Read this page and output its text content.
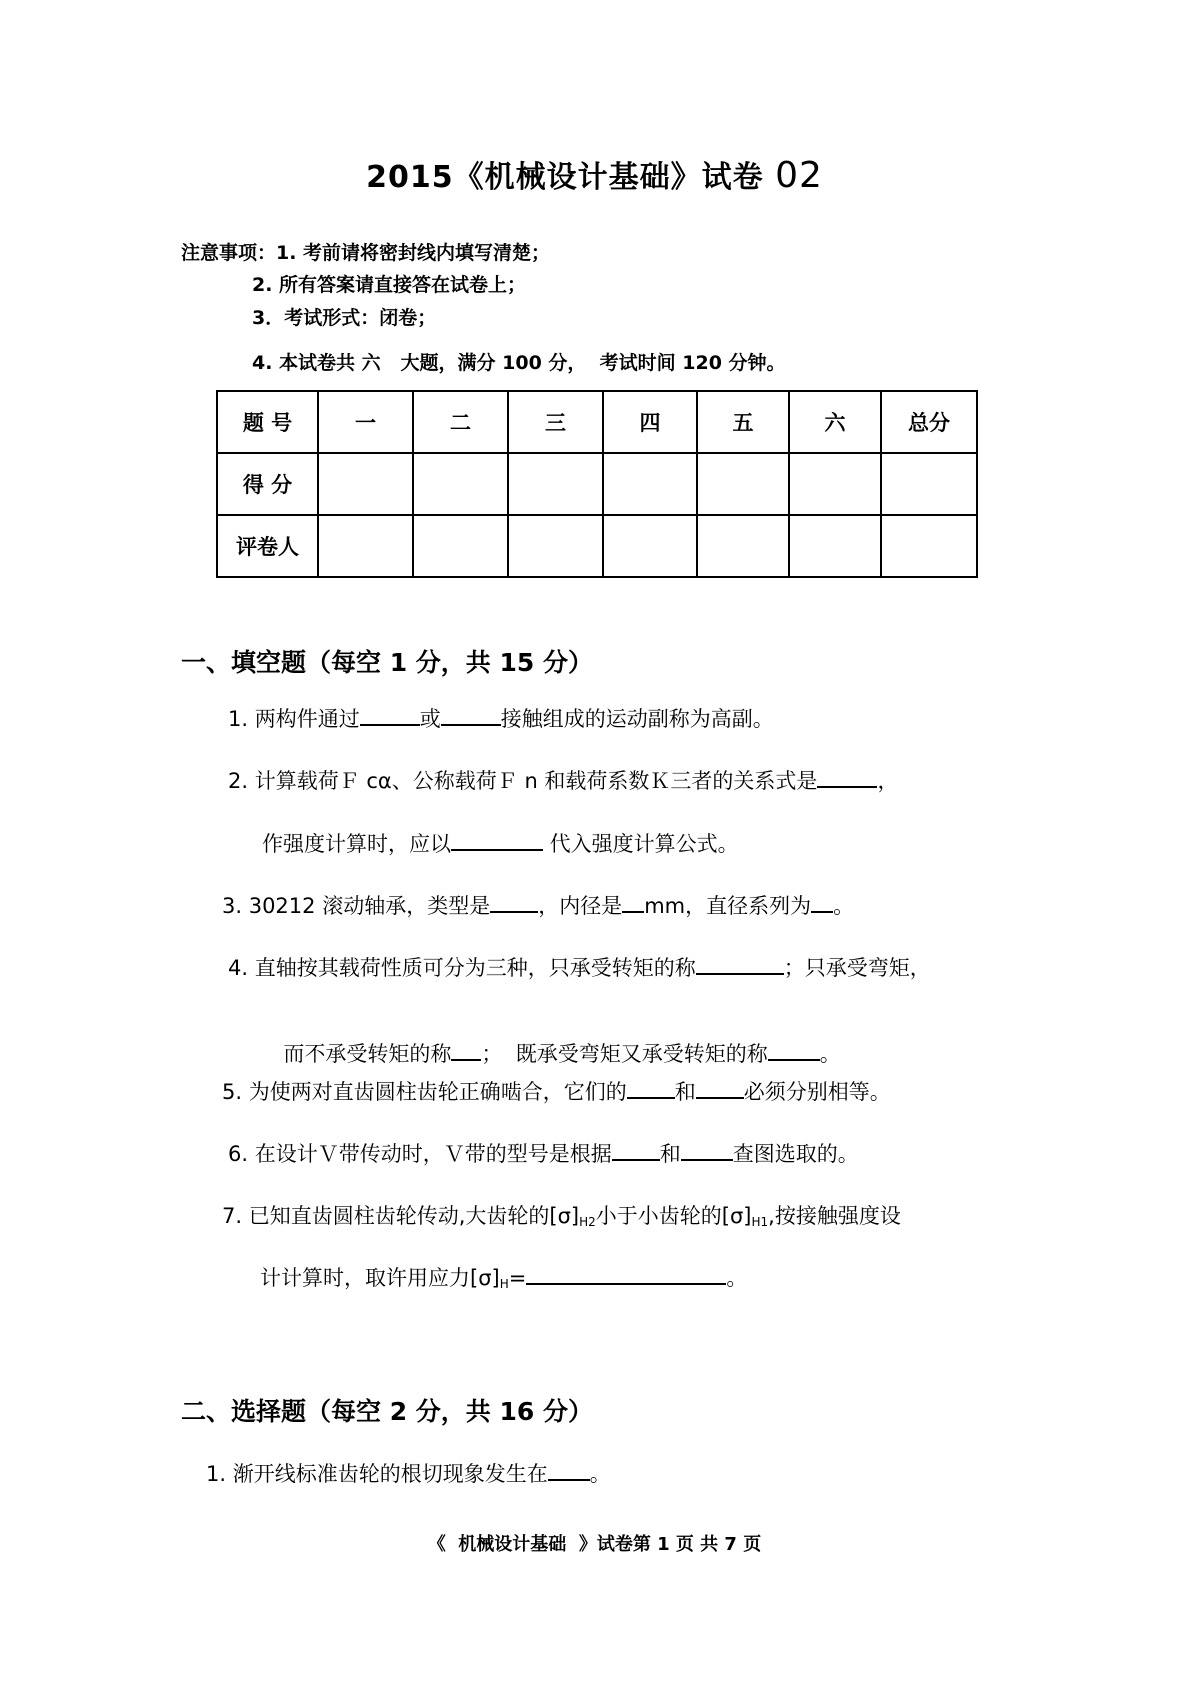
2015《机械设计基础》试卷 02
注意事项：1. 考前请将密封线内填写清楚；
2. 所有答案请直接答在试卷上；
3．考试形式：闭卷；
4. 本试卷共 六   大题，满分 100 分，  考试时间 120 分钟。
题 号	一	二	三	四	五	六	总分
得 分							
评卷人							
一、填空题（每空 1 分，共 15 分）
1. 两构件通过	或	接触组成的运动副称为高副。
2. 计算载荷Ｆ cα、公称载荷Ｆ n 和载荷系数Ｋ三者的关系式是	，
作强度计算时，应以	代入强度计算公式。
3. 30212 滚动轴承，类型是 ，内径是 mm，直径系列为 。
4. 直轴按其载荷性质可分为三种，只承受转矩的称	；只承受弯矩，

而不承受转矩的称 ；  既承受弯矩又承受转矩的称 。

5. 为使两对直齿圆柱齿轮正确啮合，它们的 和 必须分别相等。
6. 在设计Ｖ带传动时，Ｖ带的型号是根据 和 查图选取的。
7. 已知直齿圆柱齿轮传动,大齿轮的$[\sigma]_{H2}$小于小齿轮的$[\sigma]_{H1}$,按接触强度设
计计算时，取许用应力$[\sigma]_H=$	。
二、选择题（每空 2 分，共 16 分）
1. 渐开线标准齿轮的根切现象发生在 。
《  机械设计基础  》试卷第 1 页 共 7 页
